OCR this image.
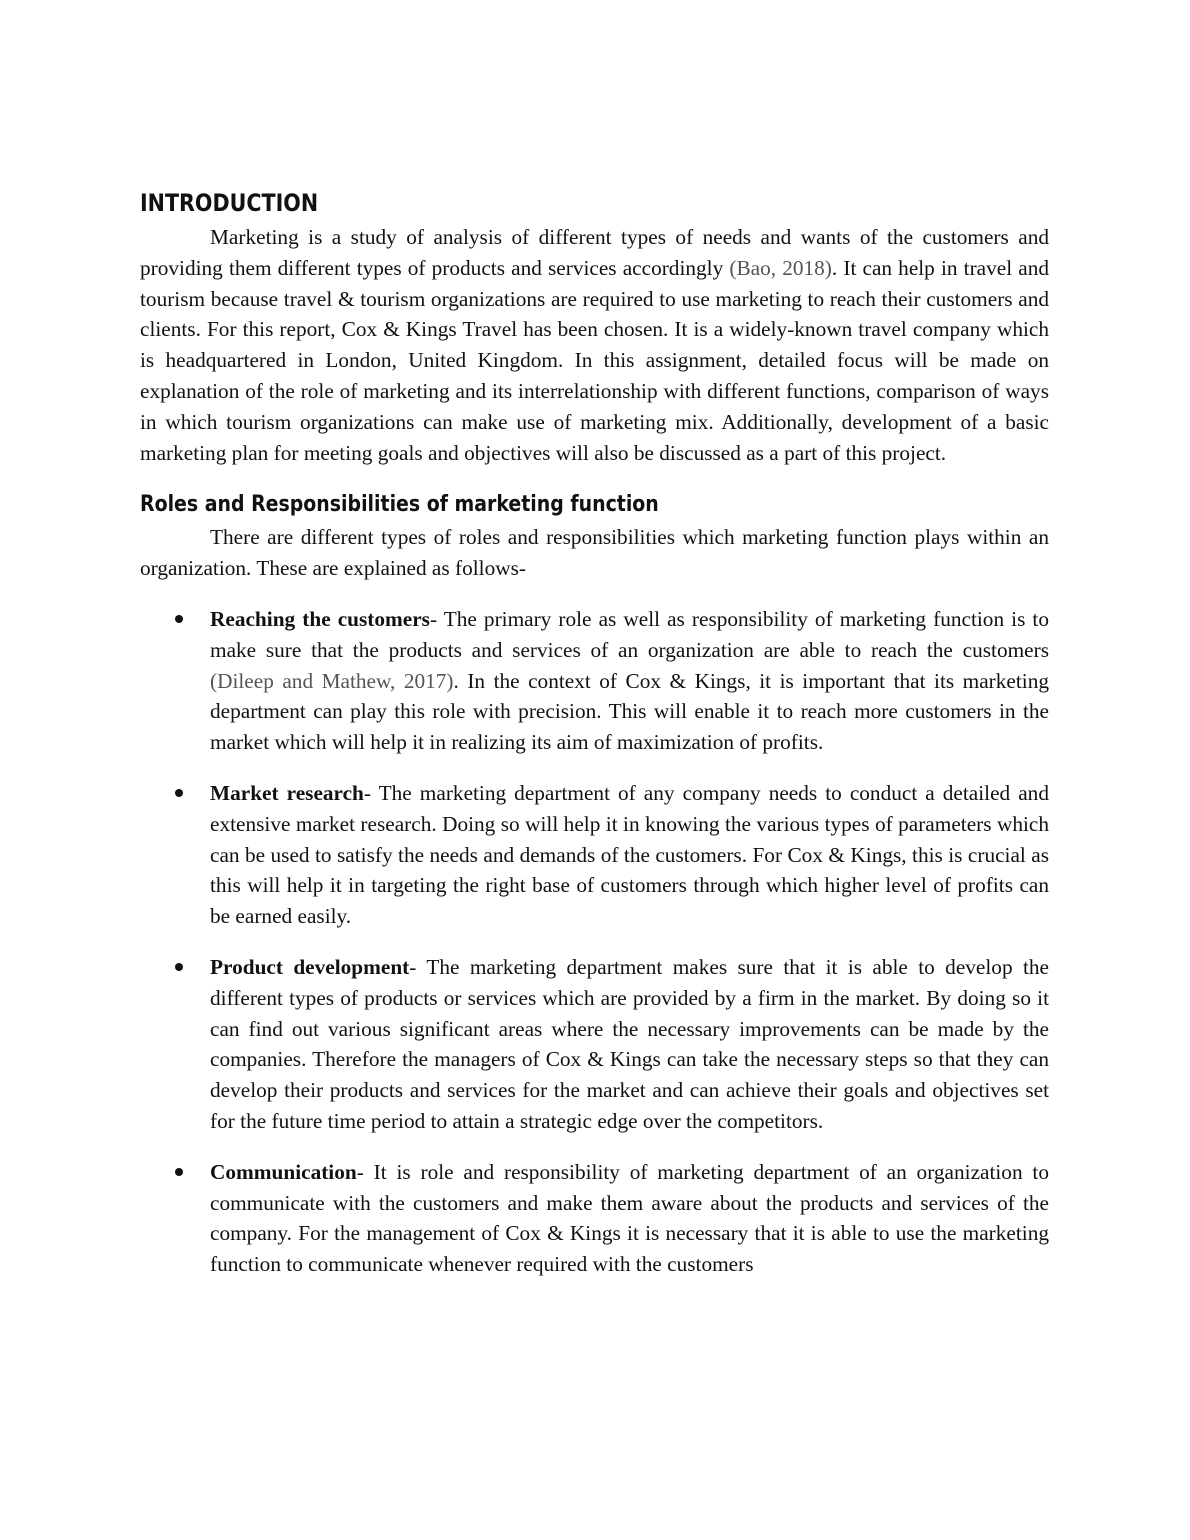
INTRODUCTION

Marketing is a study of analysis of different types of needs and wants of the customers and providing them different types of products and services accordingly (Bao, 2018). It can help in travel and tourism because travel & tourism organizations are required to use marketing to reach their customers and clients. For this report, Cox & Kings Travel has been chosen. It is a widely-known travel company which is headquartered in London, United Kingdom. In this assignment, detailed focus will be made on explanation of the role of marketing and its interrelationship with different functions, comparison of ways in which tourism organizations can make use of marketing mix. Additionally, development of a basic marketing plan for meeting goals and objectives will also be discussed as a part of this project.

Roles and Responsibilities of marketing function

There are different types of roles and responsibilities which marketing function plays within an organization. These are explained as follows-

Reaching the customers- The primary role as well as responsibility of marketing function is to make sure that the products and services of an organization are able to reach the customers (Dileep and Mathew, 2017). In the context of Cox & Kings, it is important that its marketing department can play this role with precision. This will enable it to reach more customers in the market which will help it in realizing its aim of maximization of profits.
Market research- The marketing department of any company needs to conduct a detailed and extensive market research. Doing so will help it in knowing the various types of parameters which can be used to satisfy the needs and demands of the customers. For Cox & Kings, this is crucial as this will help it in targeting the right base of customers through which higher level of profits can be earned easily.
Product development- The marketing department makes sure that it is able to develop the different types of products or services which are provided by a firm in the market. By doing so it can find out various significant areas where the necessary improvements can be made by the companies. Therefore the managers of Cox & Kings can take the necessary steps so that they can develop their products and services for the market and can achieve their goals and objectives set for the future time period to attain a strategic edge over the competitors.
Communication- It is role and responsibility of marketing department of an organization to communicate with the customers and make them aware about the products and services of the company. For the management of Cox & Kings it is necessary that it is able to use the marketing function to communicate whenever required with the customers
